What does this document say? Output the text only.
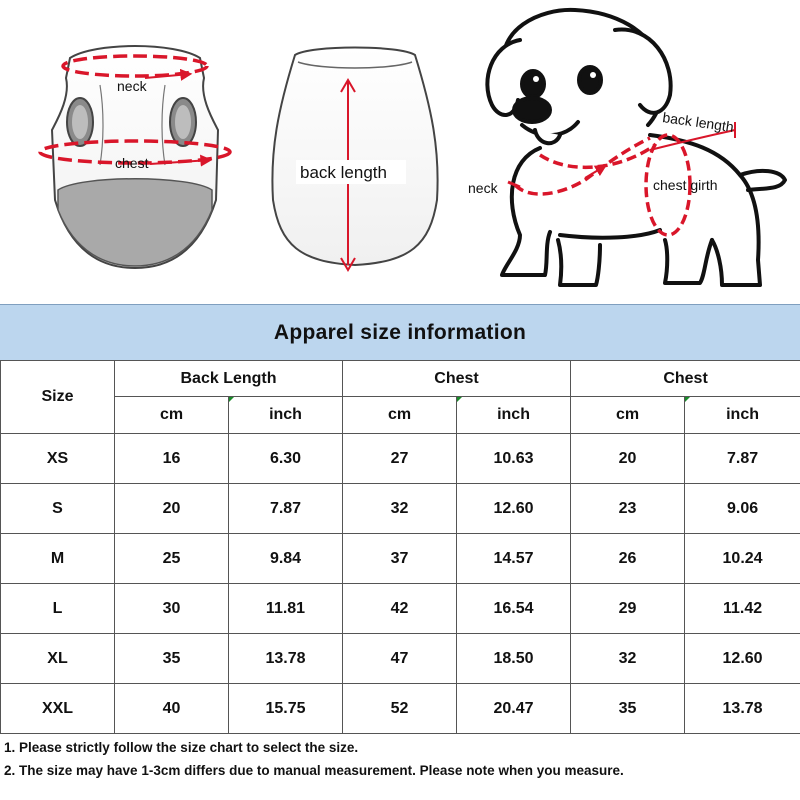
neck
chest	back length
back length
neck	chest girth
Apparel size information
Size	Back Length		Chest		Chest	
	cm	inch	cm	inch	cm	inch
XS	16	6.30	27	10.63	20	7.87
S	20	7.87	32	12.60	23	9.06
M	25	9.84	37	14.57	26	10.24
L	30	11.81	42	16.54	29	11.42
XL	35	13.78	47	18.50	32	12.60
XXL	40	15.75	52	20.47	35	13.78
1. Please strictly follow the size chart to select the size.
2. The size may have 1-3cm differs due to manual measurement. Please note when you measure.
